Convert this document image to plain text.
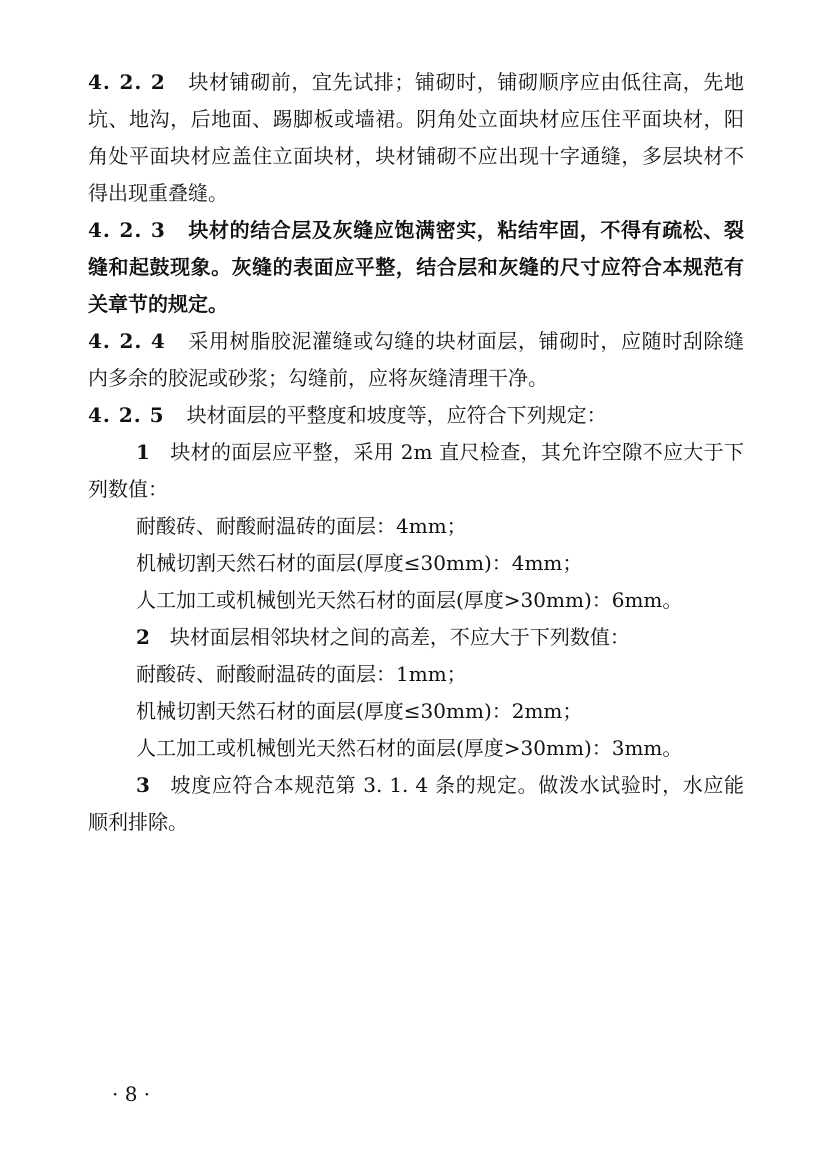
4. 2. 2 块材铺砌前，宜先试排；铺砌时，铺砌顺序应由低往高，先地坑、地沟，后地面、踢脚板或墙裙。阴角处立面块材应压住平面块材，阳角处平面块材应盖住立面块材，块材铺砌不应出现十字通缝，多层块材不得出现重叠缝。

4. 2. 3 块材的结合层及灰缝应饱满密实，粘结牢固，不得有疏松、裂缝和起鼓现象。灰缝的表面应平整，结合层和灰缝的尺寸应符合本规范有关章节的规定。

4. 2. 4 采用树脂胶泥灌缝或勾缝的块材面层，铺砌时，应随时刮除缝内多余的胶泥或砂浆；勾缝前，应将灰缝清理干净。

4. 2. 5 块材面层的平整度和坡度等，应符合下列规定：

1 块材的面层应平整，采用 2m 直尺检查，其允许空隙不应大于下列数值：

耐酸砖、耐酸耐温砖的面层：4mm；

机械切割天然石材的面层(厚度≤30mm)：4mm；

人工加工或机械刨光天然石材的面层(厚度>30mm)：6mm。

2 块材面层相邻块材之间的高差，不应大于下列数值：

耐酸砖、耐酸耐温砖的面层：1mm；

机械切割天然石材的面层(厚度≤30mm)：2mm；

人工加工或机械刨光天然石材的面层(厚度>30mm)：3mm。

3 坡度应符合本规范第 3. 1. 4 条的规定。做泼水试验时，水应能顺利排除。

· 8 ·
